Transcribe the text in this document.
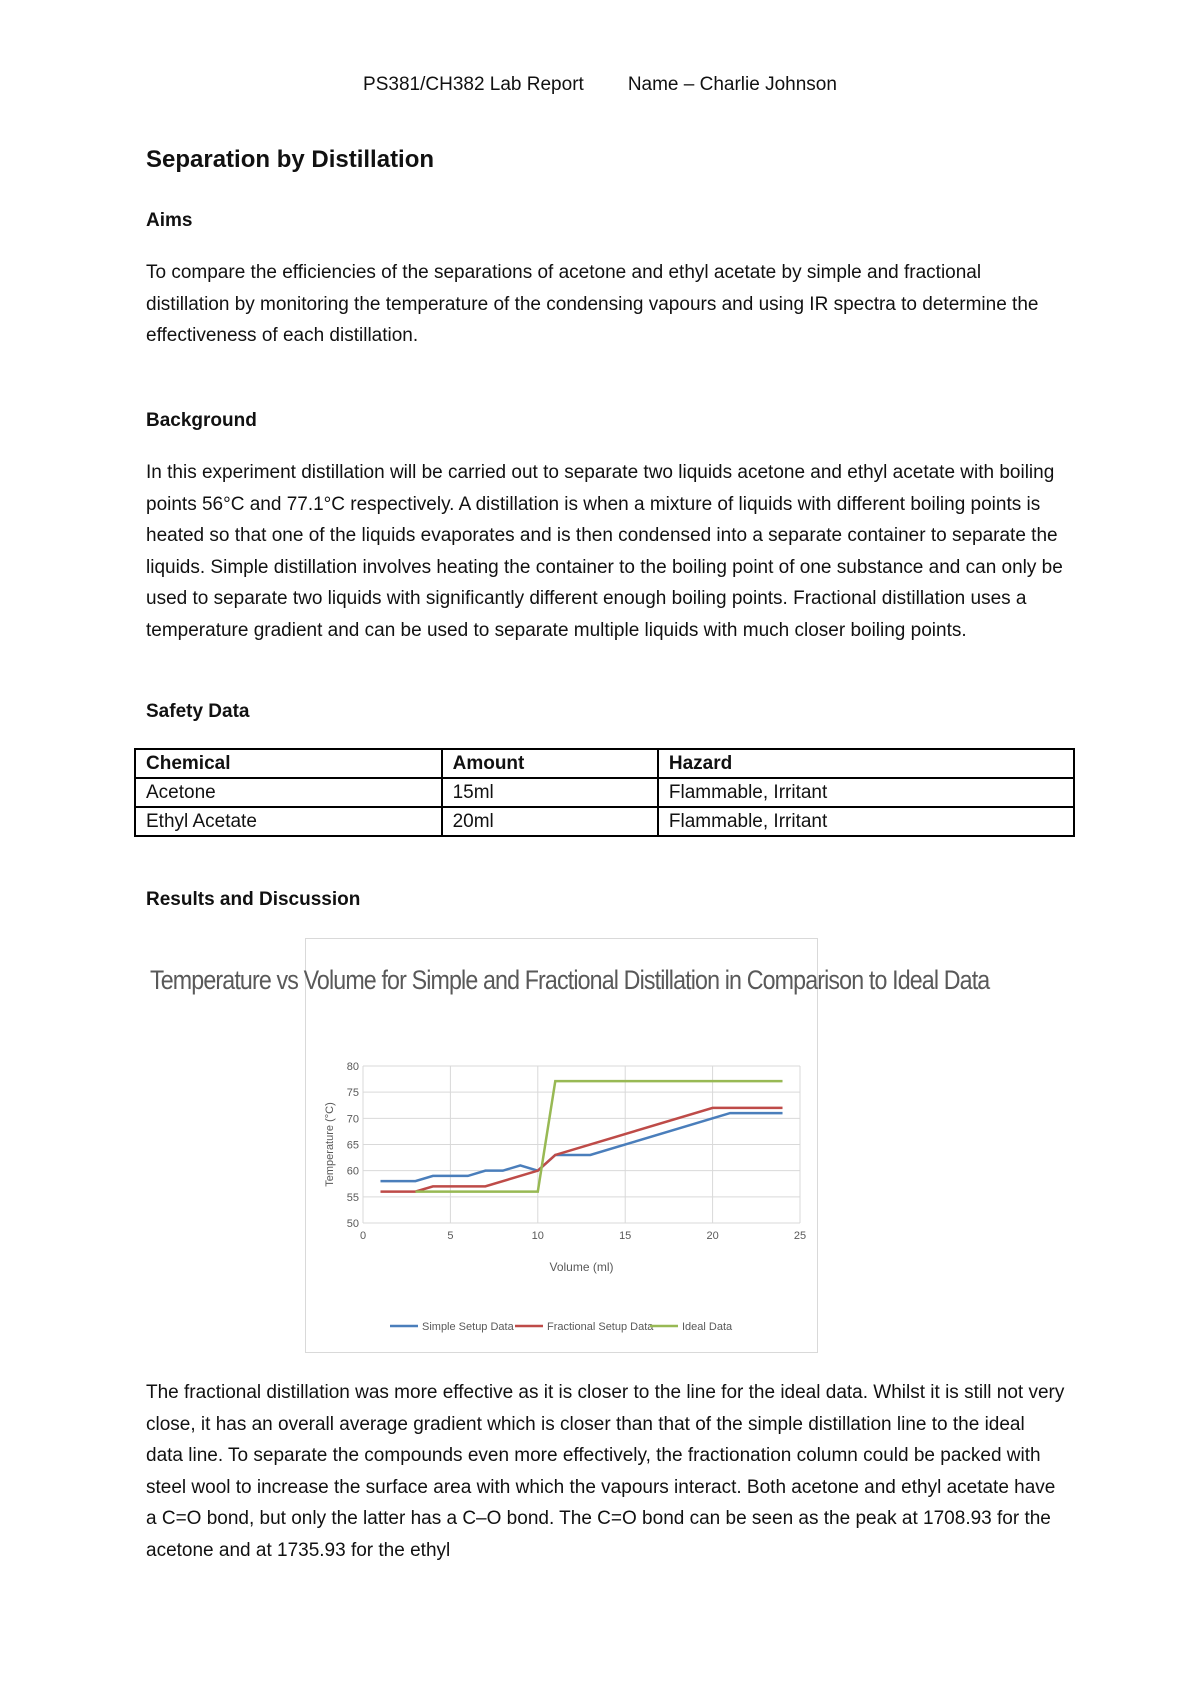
PS381/CH382 Lab Report Name – Charlie Johnson
Separation by Distillation
Aims
To compare the efficiencies of the separations of acetone and ethyl acetate by simple and fractional distillation by monitoring the temperature of the condensing vapours and using IR spectra to determine the effectiveness of each distillation.
Background
In this experiment distillation will be carried out to separate two liquids acetone and ethyl acetate with boiling points 56°C and 77.1°C respectively. A distillation is when a mixture of liquids with different boiling points is heated so that one of the liquids evaporates and is then condensed into a separate container to separate the liquids. Simple distillation involves heating the container to the boiling point of one substance and can only be used to separate two liquids with significantly different enough boiling points. Fractional distillation uses a temperature gradient and can be used to separate multiple liquids with much closer boiling points.
Safety Data
Chemical	Amount	Hazard
Acetone	15ml	Flammable, Irritant
Ethyl Acetate	20ml	Flammable, Irritant
Results and Discussion
Temperature vs Volume for Simple and Fractional Distillation in Comparison to Ideal Data
50
55
60
65
70
75
80
0	5	10	15	20	25
Volume (ml)
Temperature (°C)
Simple Setup Data	Fractional Setup Data	Ideal Data
The fractional distillation was more effective as it is closer to the line for the ideal data. Whilst it is still not very close, it has an overall average gradient which is closer than that of the simple distillation line to the ideal data line. To separate the compounds even more effectively, the fractionation column could be packed with steel wool to increase the surface area with which the vapours interact. Both acetone and ethyl acetate have a C=O bond, but only the latter has a C–O bond. The C=O bond can be seen as the peak at 1708.93 for the acetone and at 1735.93 for the ethyl
